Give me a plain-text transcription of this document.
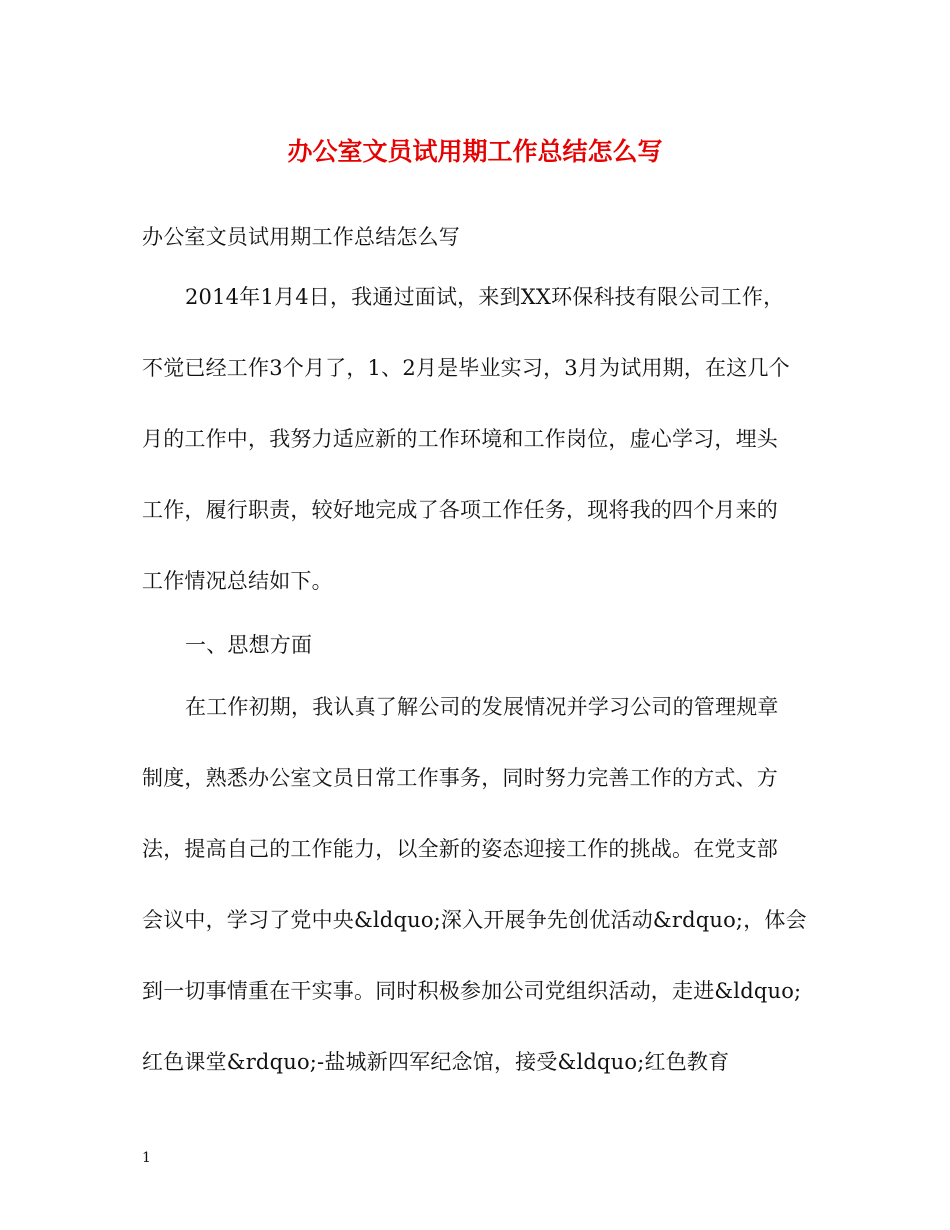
办公室文员试用期工作总结怎么写
办公室文员试用期工作总结怎么写
2014年1月4日，我通过面试，来到XX环保科技有限公司工作，
不觉已经工作3个月了，1、2月是毕业实习，3月为试用期，在这几个
月的工作中，我努力适应新的工作环境和工作岗位，虚心学习，埋头
工作，履行职责，较好地完成了各项工作任务，现将我的四个月来的
工作情况总结如下。
一、思想方面
在工作初期，我认真了解公司的发展情况并学习公司的管理规章
制度，熟悉办公室文员日常工作事务，同时努力完善工作的方式、方
法，提高自己的工作能力，以全新的姿态迎接工作的挑战。在党支部
会议中，学习了党中央&ldquo;深入开展争先创优活动&rdquo;，体会
到一切事情重在干实事。同时积极参加公司党组织活动，走进&ldquo;
红色课堂&rdquo;-盐城新四军纪念馆，接受&ldquo;红色教育
1
